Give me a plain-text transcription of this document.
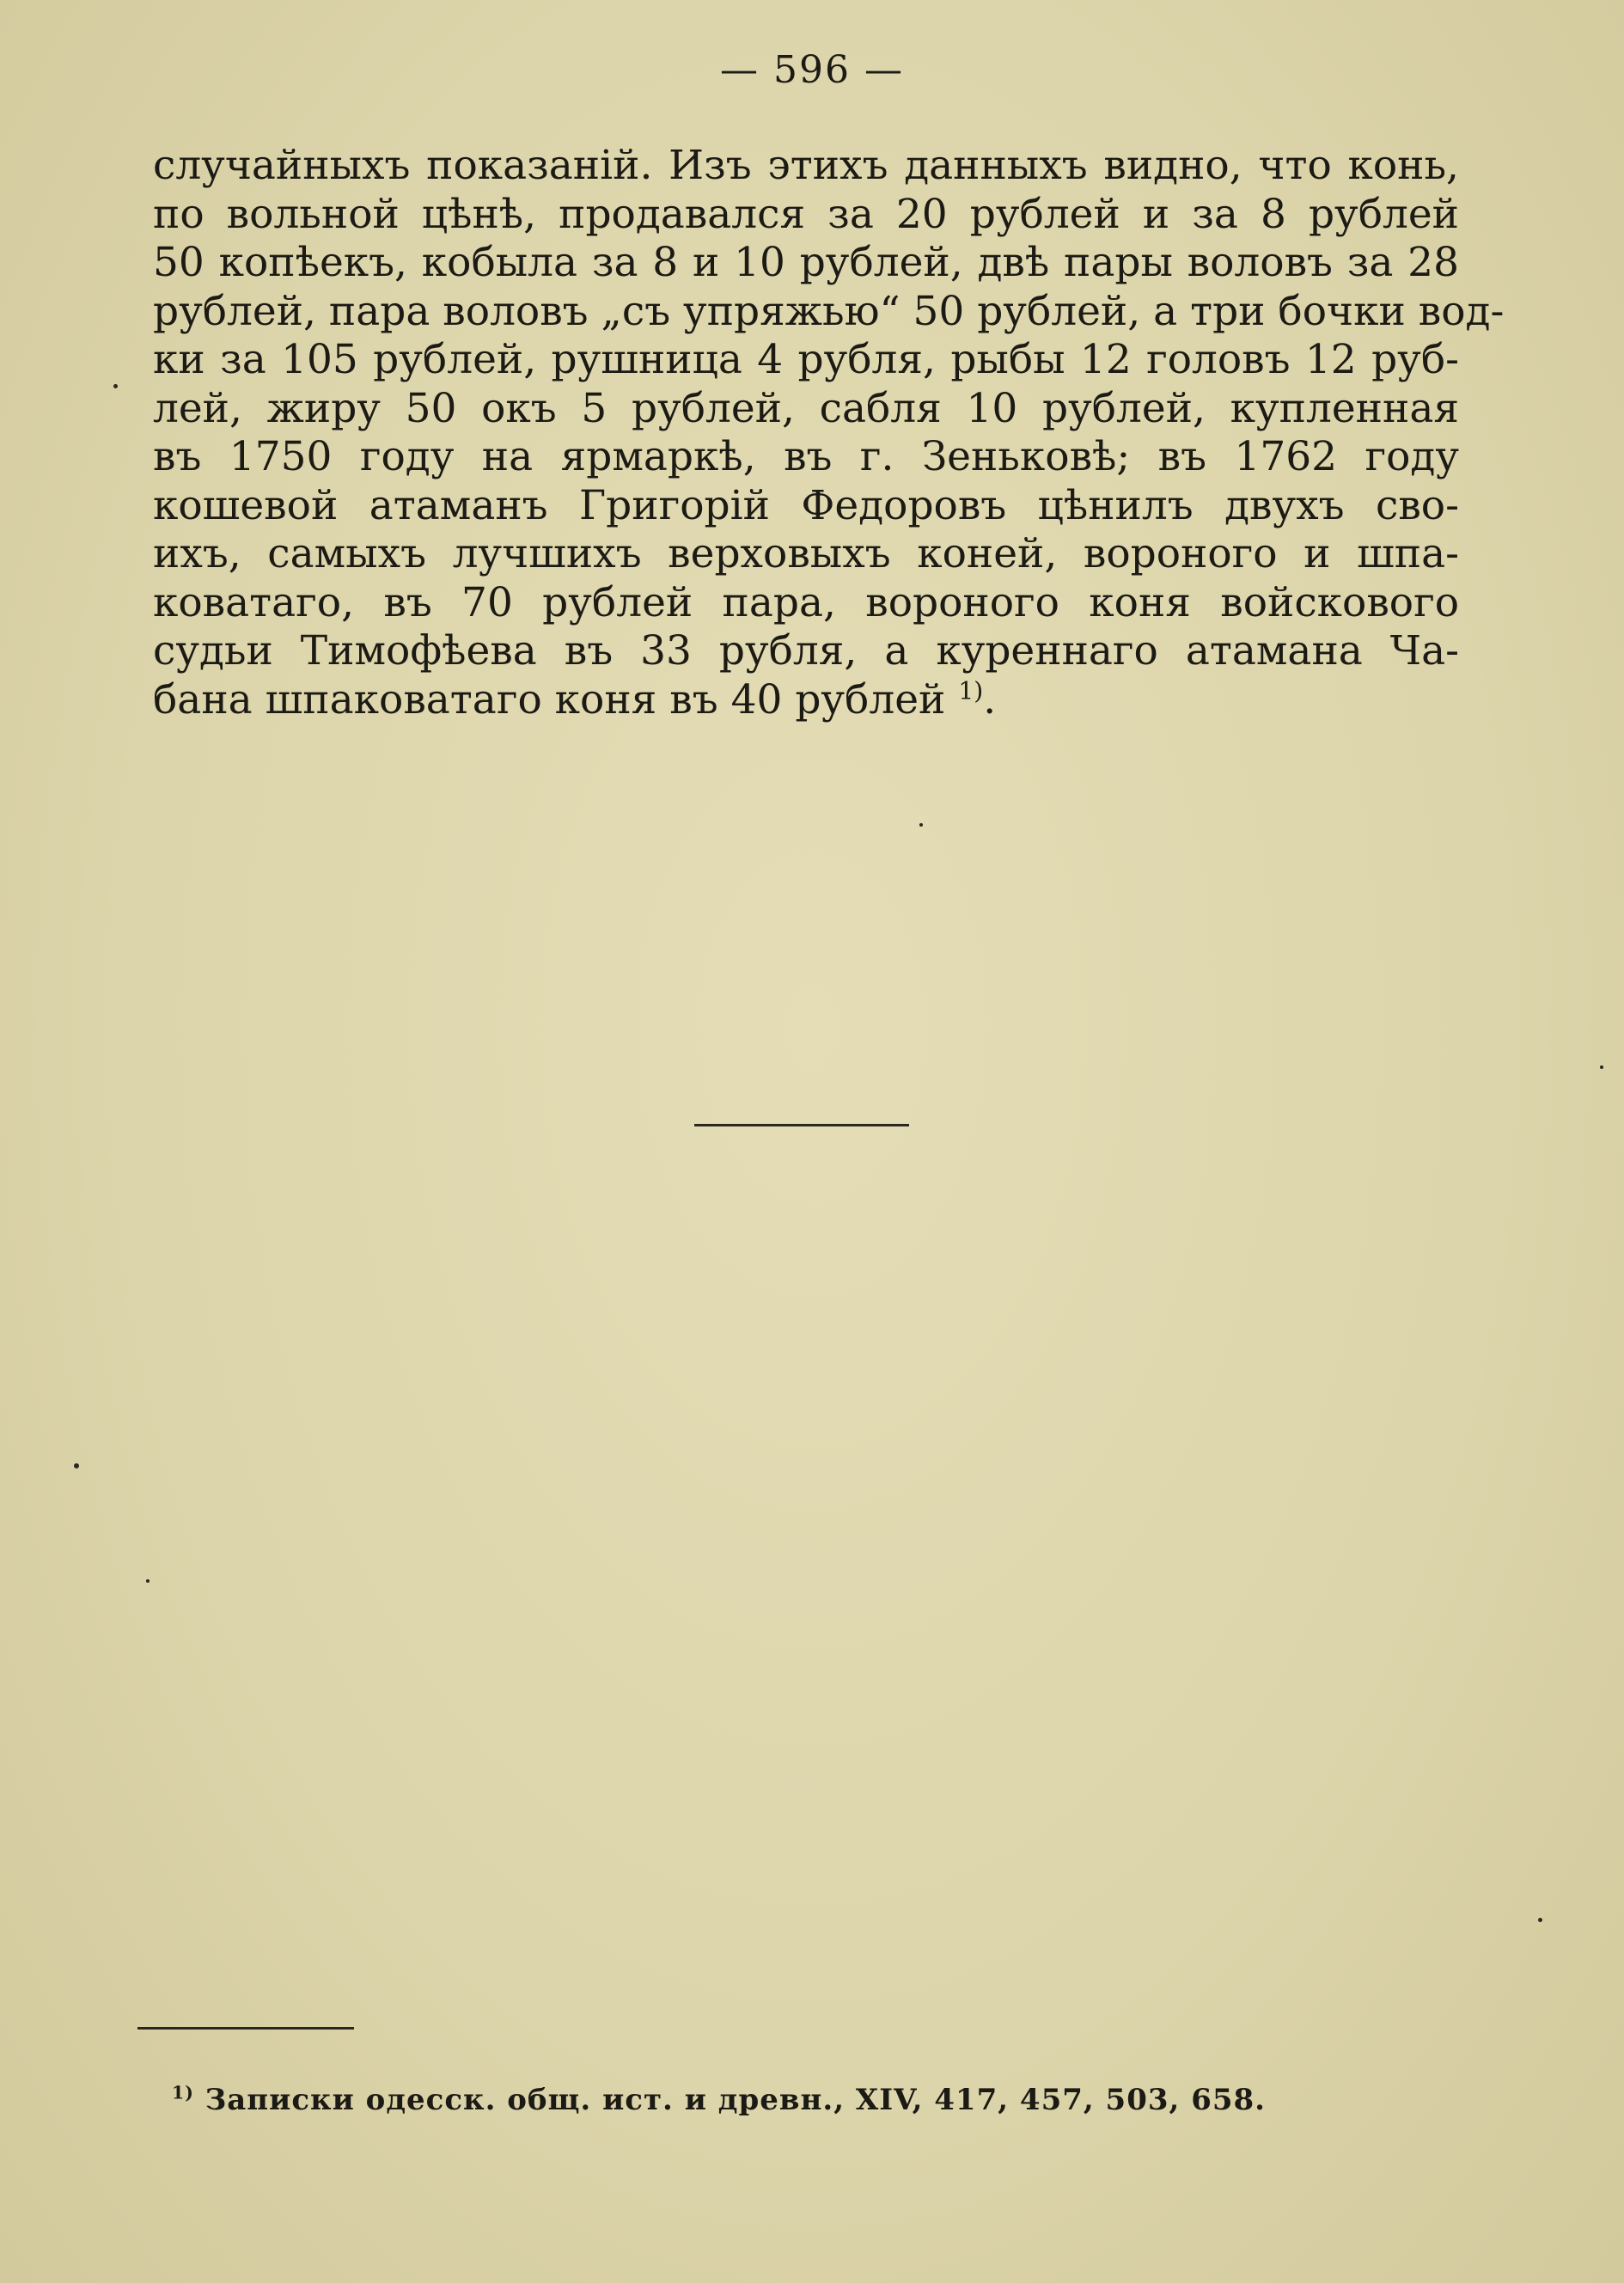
— 596 —
случайныхъ показаній. Изъ этихъ данныхъ видно, что конь,
по вольной цѣнѣ, продавался за 20 рублей и за 8 рублей
50 копѣекъ, кобыла за 8 и 10 рублей, двѣ пары воловъ за 28
рублей, пара воловъ „съ упряжью“ 50 рублей, а три бочки вод-
ки за 105 рублей, рушница 4 рубля, рыбы 12 головъ 12 руб-
лей, жиру 50 окъ 5 рублей, сабля 10 рублей, купленная
въ 1750 году на ярмаркѣ, въ г. Зеньковѣ; въ 1762 году
кошевой атаманъ Григорій Федоровъ цѣнилъ двухъ сво-
ихъ, самыхъ лучшихъ верховыхъ коней, вороного и шпа-
коватаго, въ 70 рублей пара, вороного коня войскового
судьи Тимофѣева въ 33 рубля, а куреннаго атамана Ча-
бана шпаковатаго коня въ 40 рублей $^{1)}$.
$^{1)}$ Записки одесск. общ. ист. и древн., XIV, 417, 457, 503, 658.
